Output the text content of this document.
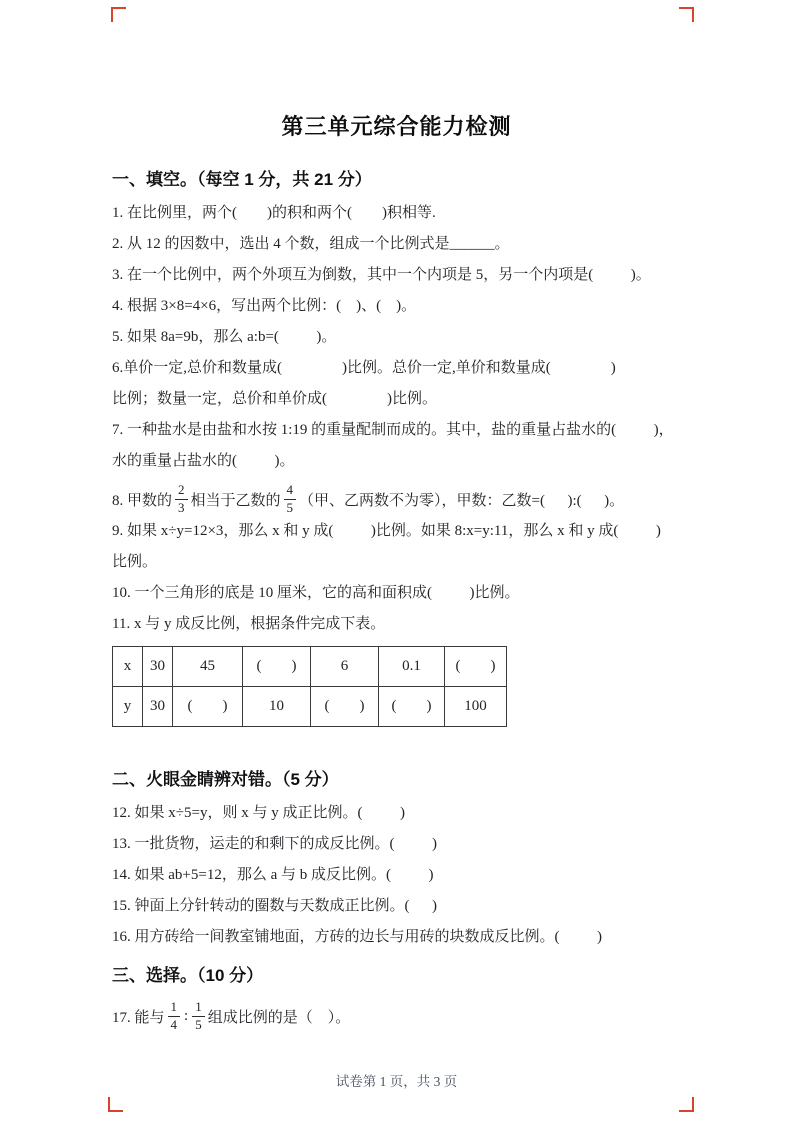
第三单元综合能力检测
一、填空。（每空 1 分，共 21 分）
1. 在比例里，两个(        )的积和两个(        )积相等.
2. 从 12 的因数中，选出 4 个数，组成一个比例式是______。
3. 在一个比例中，两个外项互为倒数，其中一个内项是 5，另一个内项是(          )。
4. 根据 3×8=4×6，写出两个比例：(    )、(    )。
5. 如果 8a=9b，那么 a:b=(          )。
6.单价一定,总价和数量成(                )比例。总价一定,单价和数量成(                )
比例；数量一定，总价和单价成(                )比例。
7. 一种盐水是由盐和水按 1:19 的重量配制而成的。其中，盐的重量占盐水的(          )，
水的重量占盐水的(          )。
8. 甲数的 $\frac{2}{3}$ 相当于乙数的 $\frac{4}{5}$ （甲、乙两数不为零），甲数：乙数=(      ):(      )。
9. 如果 x÷y=12×3，那么 x 和 y 成(          )比例。如果 8:x=y:11，那么 x 和 y 成(          )
比例。
10. 一个三角形的底是 10 厘米，它的高和面积成(          )比例。
11. x 与 y 成反比例，根据条件完成下表。
x	30	45	(        )	6	0.1	(        )
y	30	(        )	10	(        )	(        )	100
二、火眼金睛辨对错。（5 分）
12. 如果 x÷5=y，则 x 与 y 成正比例。(          )
13. 一批货物，运走的和剩下的成反比例。(          )
14. 如果 ab+5=12，那么 a 与 b 成反比例。(          )
15. 钟面上分针转动的圈数与天数成正比例。(      )
16. 用方砖给一间教室铺地面，方砖的边长与用砖的块数成反比例。(          )
三、选择。（10 分）
17. 能与 $\frac{1}{4}$ : $\frac{1}{5}$ 组成比例的是（    ）。
试卷第 1 页，共 3 页
